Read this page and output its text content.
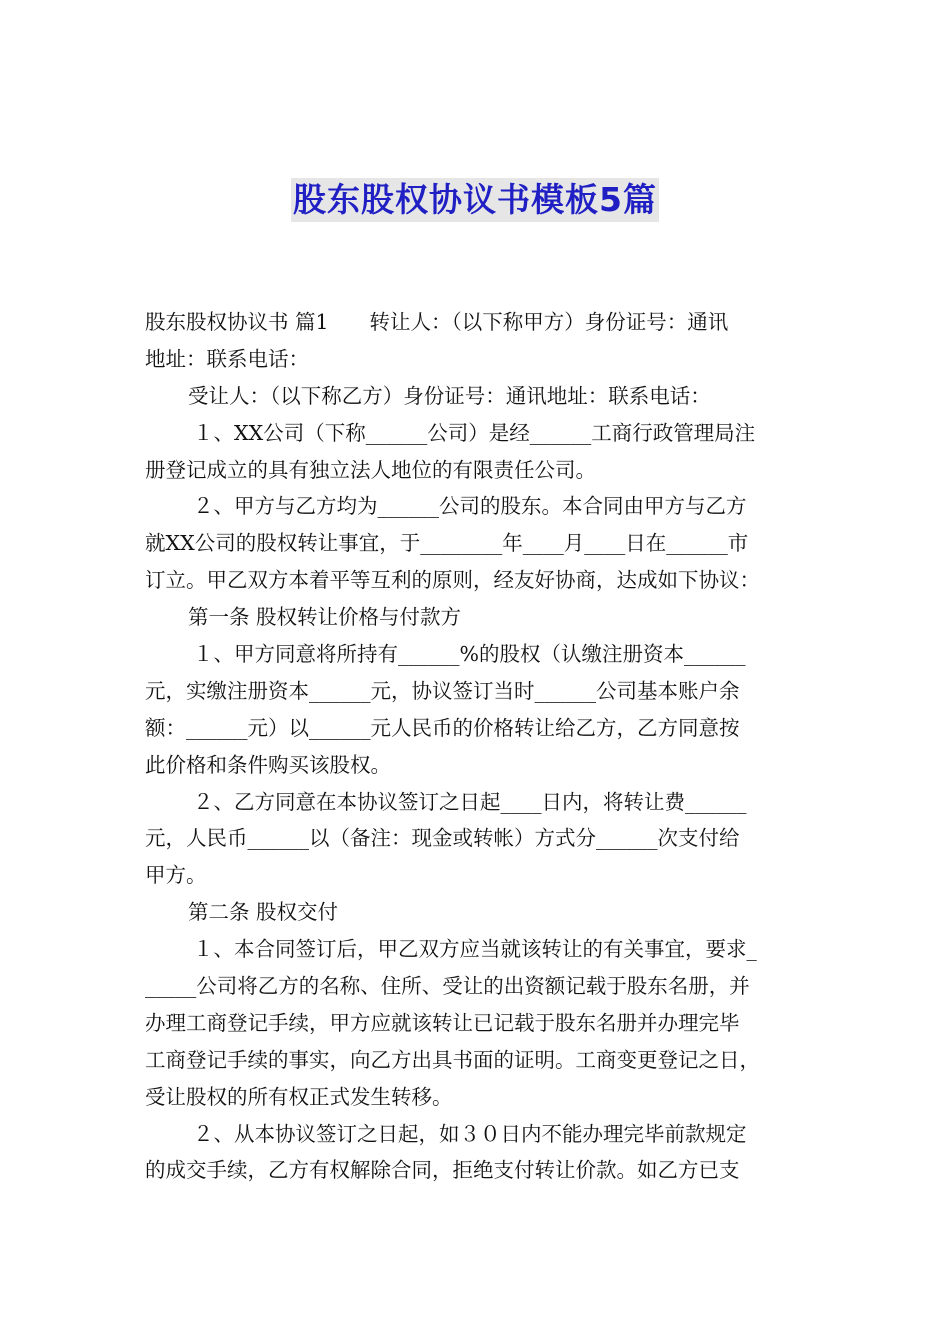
股东股权协议书模板5篇
股东股权协议书 篇1　　转让人：（以下称甲方）身份证号：通讯
地址：联系电话：
受让人：（以下称乙方）身份证号：通讯地址：联系电话：
１、XX公司（下称______公司）是经______工商行政管理局注
册登记成立的具有独立法人地位的有限责任公司。
２、甲方与乙方均为______公司的股东。本合同由甲方与乙方
就XX公司的股权转让事宜，于________年____月____日在______市
订立。甲乙双方本着平等互利的原则，经友好协商，达成如下协议：
第一条 股权转让价格与付款方
１、甲方同意将所持有______%的股权（认缴注册资本______
元，实缴注册资本______元，协议签订当时______公司基本账户余
额：______元）以______元人民币的价格转让给乙方，乙方同意按
此价格和条件购买该股权。
２、乙方同意在本协议签订之日起____日内，将转让费______
元，人民币______以（备注：现金或转帐）方式分______次支付给
甲方。
第二条 股权交付
１、本合同签订后，甲乙双方应当就该转让的有关事宜，要求_
_____公司将乙方的名称、住所、受让的出资额记载于股东名册，并
办理工商登记手续，甲方应就该转让已记载于股东名册并办理完毕
工商登记手续的事实，向乙方出具书面的证明。工商变更登记之日，
受让股权的所有权正式发生转移。
２、从本协议签订之日起，如３０日内不能办理完毕前款规定
的成交手续，乙方有权解除合同，拒绝支付转让价款。如乙方已支
